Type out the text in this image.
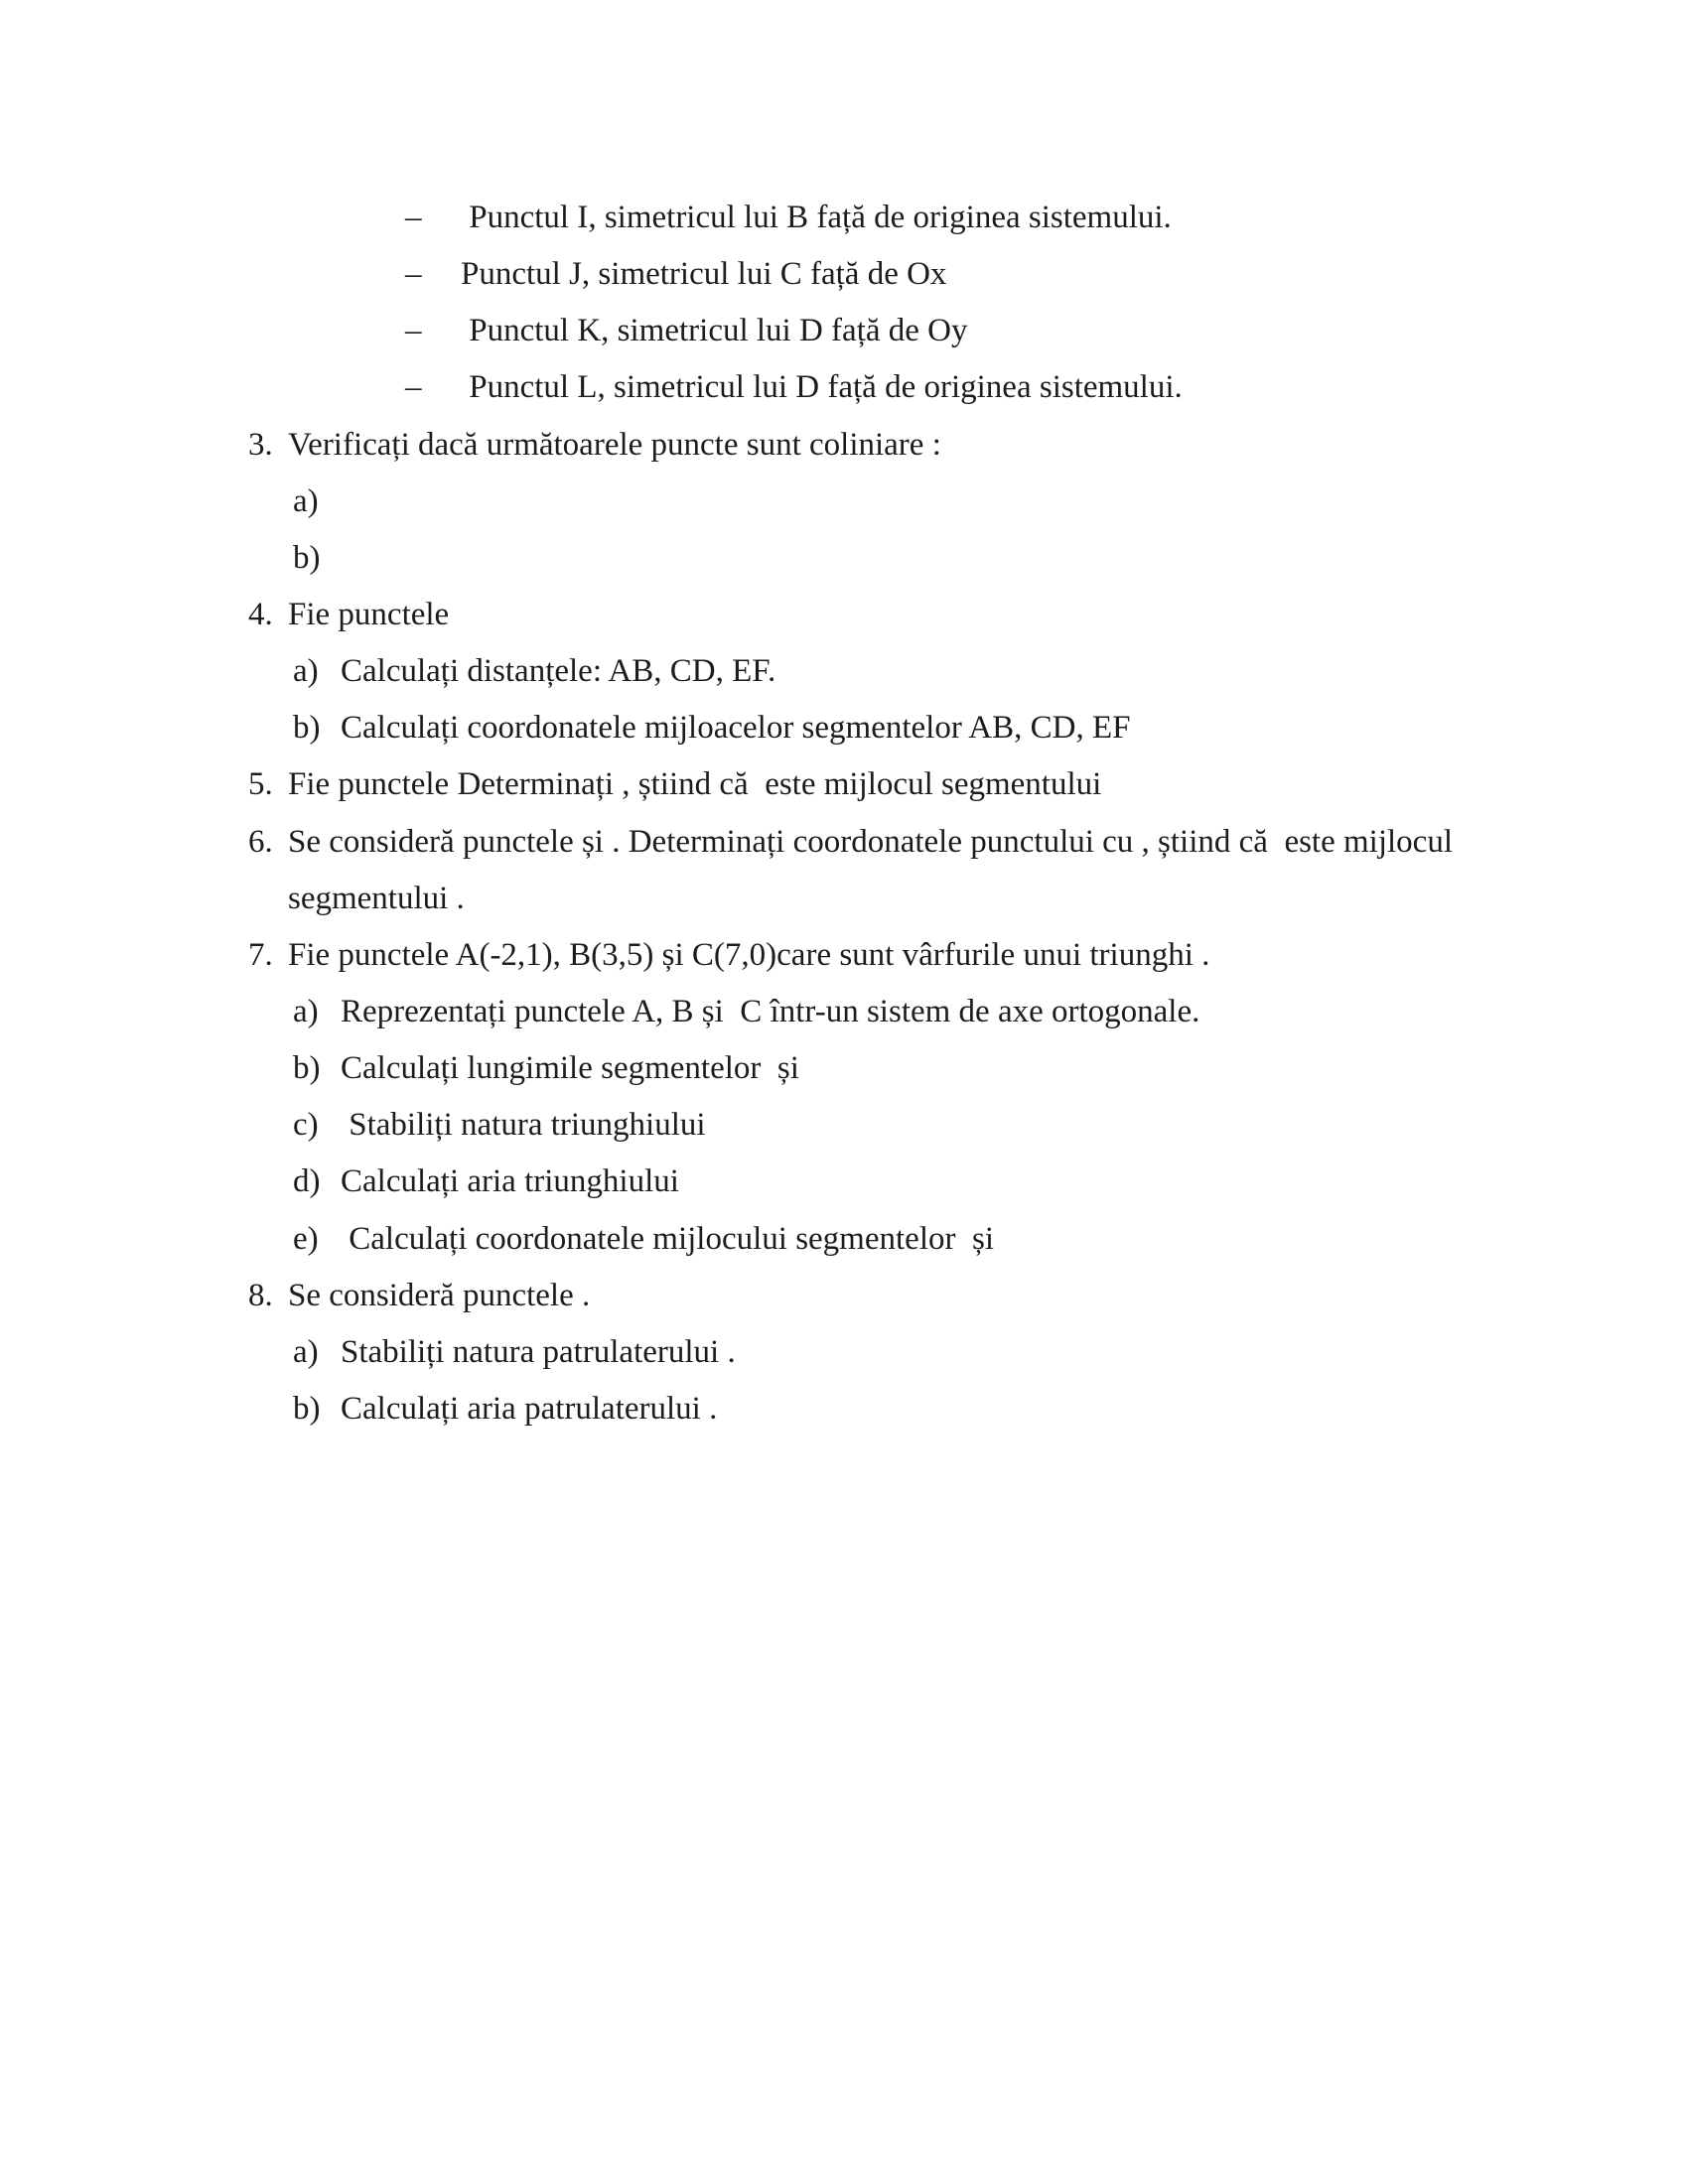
–	Punctul I, simetricul lui B față de originea sistemului.
–	Punctul J, simetricul lui C față de Ox
–	Punctul K, simetricul lui D față de Oy
–	Punctul L, simetricul lui D față de originea sistemului.
3. Verificați dacă următoarele puncte sunt coliniare :
a)
b)
4. Fie punctele
a) Calculați distanțele: AB, CD, EF.
b) Calculați coordonatele mijloacelor segmentelor AB, CD, EF
5. Fie punctele Determinați , știind că  este mijlocul segmentului
6. Se consideră punctele și . Determinați coordonatele punctului cu , știind că  este mijlocul
segmentului .
7. Fie punctele A(-2,1), B(3,5) și C(7,0)care sunt vârfurile unui triunghi .
a) Reprezentați punctele A, B și  C într-un sistem de axe ortogonale.
b) Calculați lungimile segmentelor  și
c) Stabiliți natura triunghiului
d) Calculați aria triunghiului
e) Calculați coordonatele mijlocului segmentelor  și
8. Se consideră punctele .
a) Stabiliți natura patrulaterului .
b) Calculați aria patrulaterului .
